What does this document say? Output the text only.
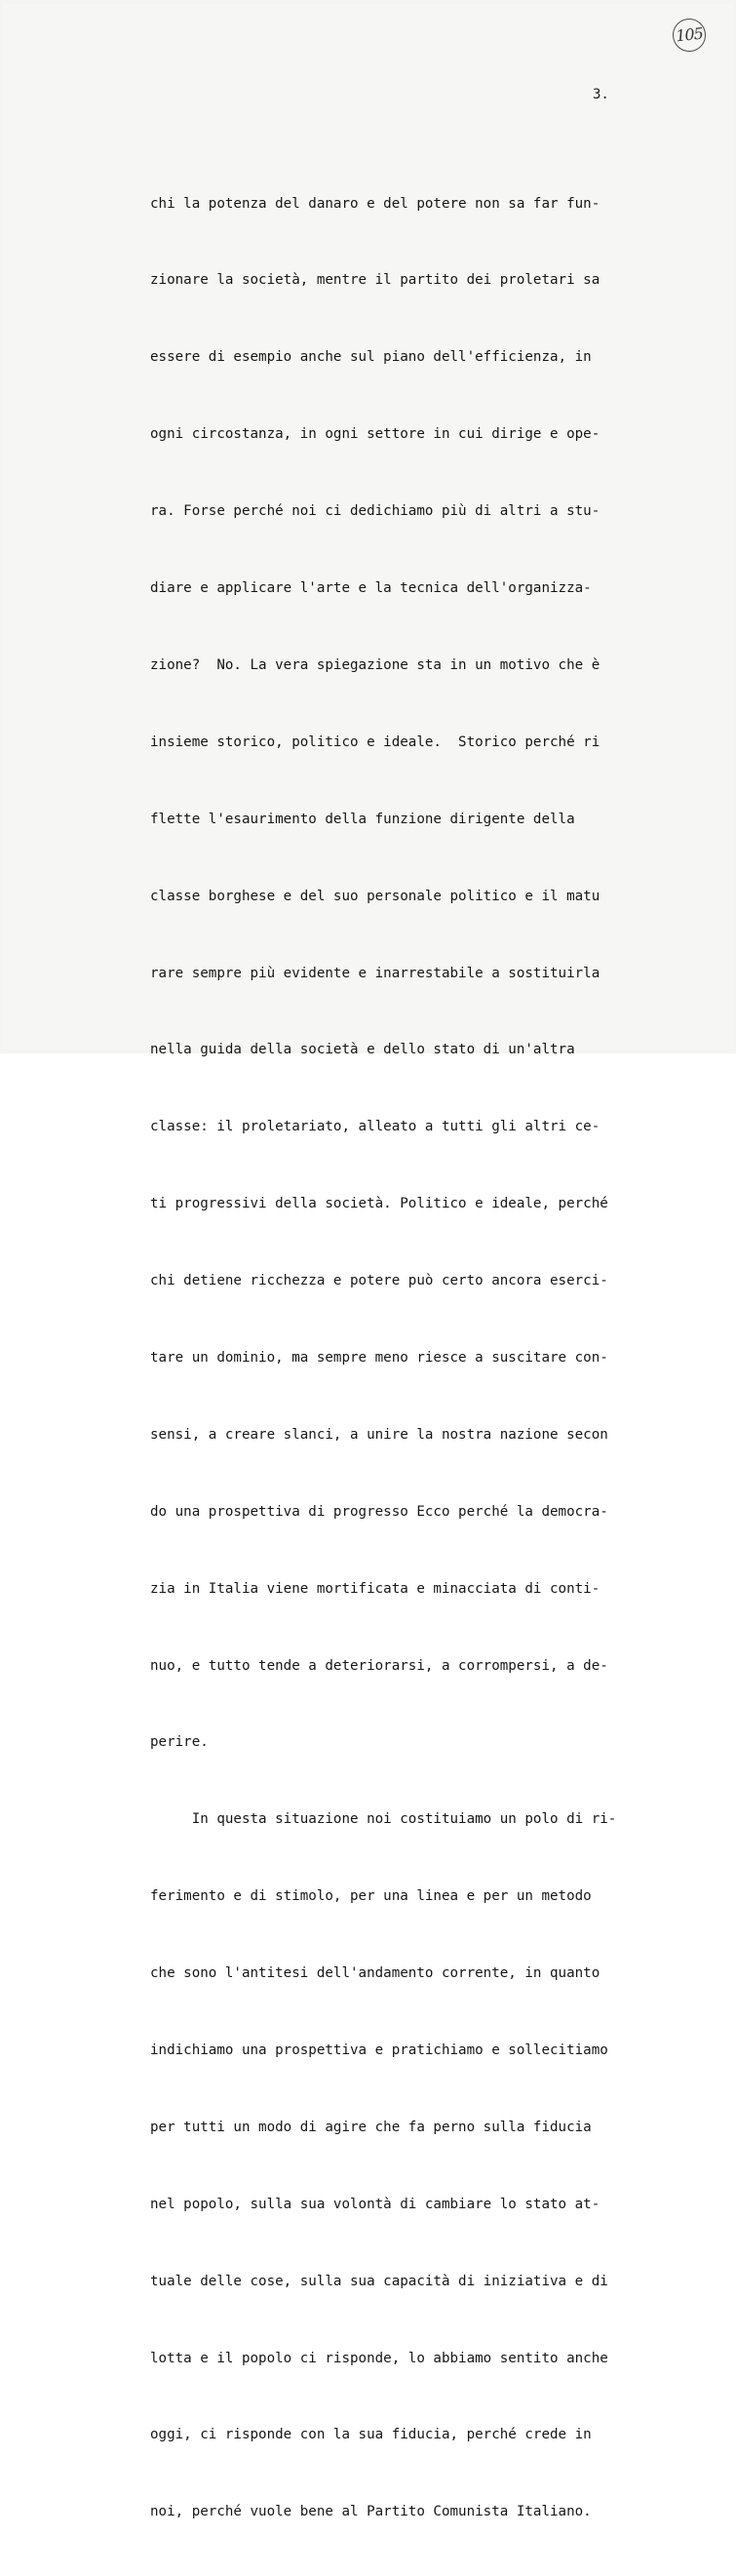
105
3.

chi la potenza del danaro e del potere non sa far fun-

zionare la società, mentre il partito dei proletari sa

essere di esempio anche sul piano dell'efficienza, in

ogni circostanza, in ogni settore in cui dirige e ope-

ra. Forse perché noi ci dedichiamo più di altri a stu-

diare e applicare l'arte e la tecnica dell'organizza-

zione?  No. La vera spiegazione sta in un motivo che è

insieme storico, politico e ideale.  Storico perché ri

flette l'esaurimento della funzione dirigente della

classe borghese e del suo personale politico e il matu

rare sempre più evidente e inarrestabile a sostituirla

nella guida della società e dello stato di un'altra

classe: il proletariato, alleato a tutti gli altri ce-

ti progressivi della società. Politico e ideale, perché

chi detiene ricchezza e potere può certo ancora eserci-

tare un dominio, ma sempre meno riesce a suscitare con-

sensi, a creare slanci, a unire la nostra nazione secon

do una prospettiva di progresso Ecco perché la democra-

zia in Italia viene mortificata e minacciata di conti-

nuo, e tutto tende a deteriorarsi, a corrompersi, a de-

perire.

In questa situazione noi costituiamo un polo di ri-

ferimento e di stimolo, per una linea e per un metodo

che sono l'antitesi dell'andamento corrente, in quanto

indichiamo una prospettiva e pratichiamo e sollecitiamo

per tutti un modo di agire che fa perno sulla fiducia

nel popolo, sulla sua volontà di cambiare lo stato at-

tuale delle cose, sulla sua capacità di iniziativa e di

lotta e il popolo ci risponde, lo abbiamo sentito anche

oggi, ci risponde con la sua fiducia, perché crede in

noi, perché vuole bene al Partito Comunista Italiano.
